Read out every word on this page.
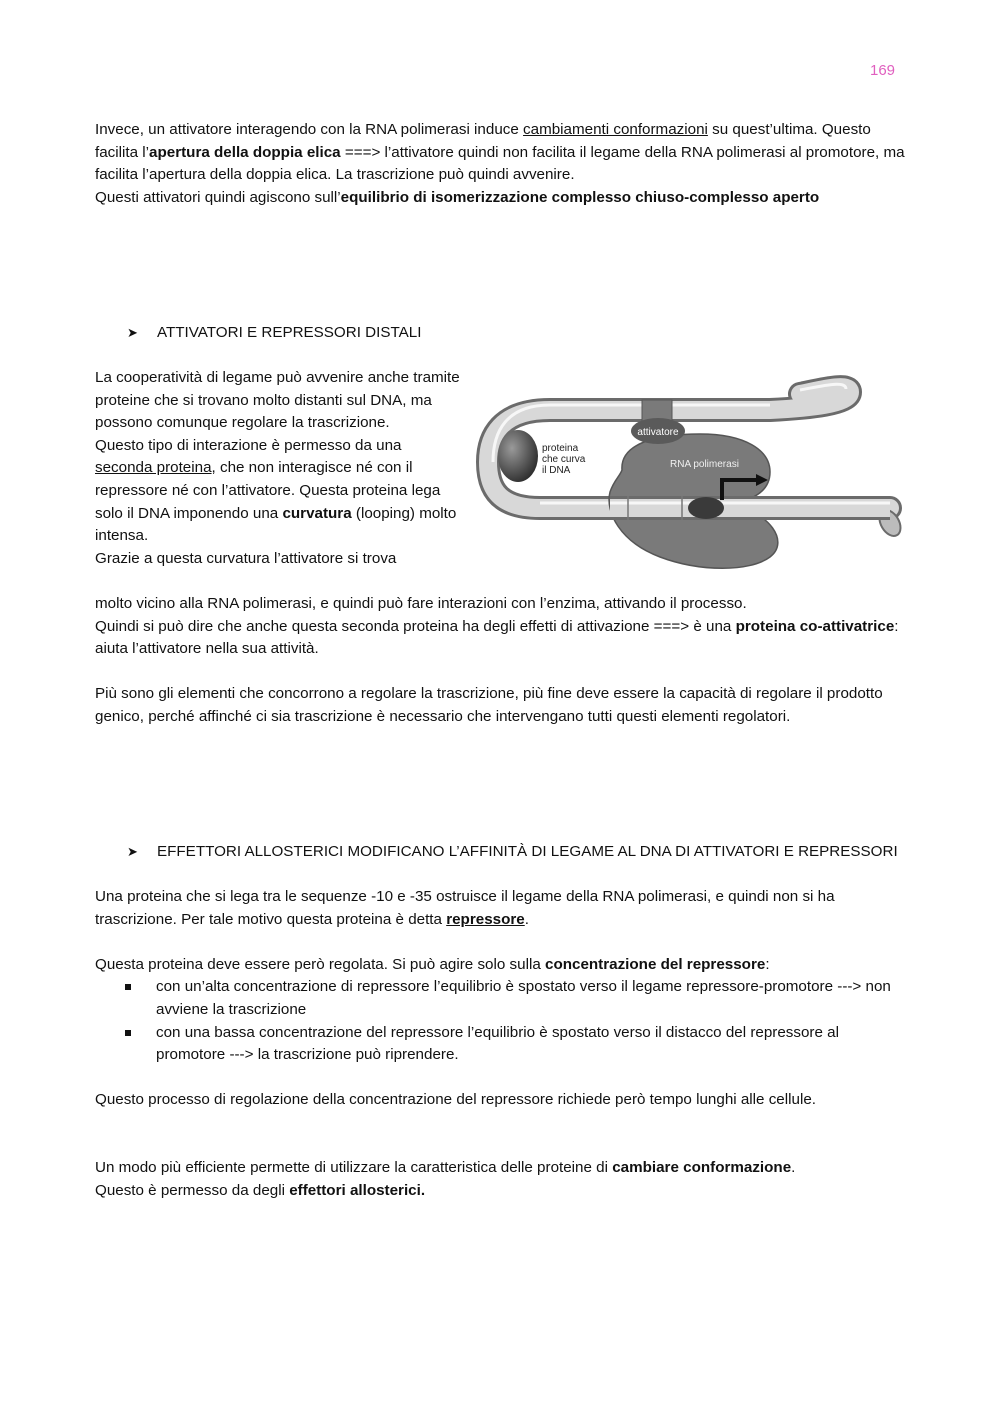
169

Invece, un attivatore interagendo con la RNA polimerasi induce cambiamenti conformazioni su quest’ultima. Questo facilita l’apertura della doppia elica ===> l’attivatore quindi non facilita il legame della RNA polimerasi al promotore, ma facilita l’apertura della doppia elica. La trascrizione può quindi avvenire.

Questi attivatori quindi agiscono sull’equilibrio di isomerizzazione complesso chiuso-complesso aperto

➤	ATTIVATORI E REPRESSORI DISTALI

La cooperatività di legame può avvenire anche tramite proteine che si trovano molto distanti sul DNA, ma possono comunque regolare la trascrizione.

Questo tipo di interazione è permesso da una seconda proteina, che non interagisce né con il repressore né con l’attivatore. Questa proteina lega solo il DNA imponendo una curvatura (looping) molto intensa.

Grazie a questa curvatura l’attivatore si trova

attivatore
proteina
che curva
il DNA
RNA polimerasi

molto vicino alla RNA polimerasi, e quindi può fare interazioni con l’enzima, attivando il processo.

Quindi si può dire che anche questa seconda proteina ha degli effetti di attivazione ===> è una proteina co-attivatrice: aiuta l’attivatore nella sua attività.

Più sono gli elementi che concorrono a regolare la trascrizione, più fine deve essere la capacità di regolare il prodotto genico, perché affinché ci sia trascrizione è necessario che intervengano tutti questi elementi regolatori.

➤	EFFETTORI ALLOSTERICI MODIFICANO L’AFFINITÀ DI LEGAME AL DNA DI ATTIVATORI E REPRESSORI

Una proteina che si lega tra le sequenze -10 e -35 ostruisce il legame della RNA polimerasi, e quindi non si ha trascrizione. Per tale motivo questa proteina è detta repressore.

Questa proteina deve essere però regolata. Si può agire solo sulla concentrazione del repressore:

con un’alta concentrazione di repressore l’equilibrio è spostato verso il legame repressore-promotore ---> non avviene la trascrizione
con una bassa concentrazione del repressore l’equilibrio è spostato verso il distacco del repressore al promotore ---> la trascrizione può riprendere.

Questo processo di regolazione della concentrazione del repressore richiede però tempo lunghi alle cellule.

Un modo più efficiente permette di utilizzare la caratteristica delle proteine di cambiare conformazione.

Questo è permesso da degli effettori allosterici.
